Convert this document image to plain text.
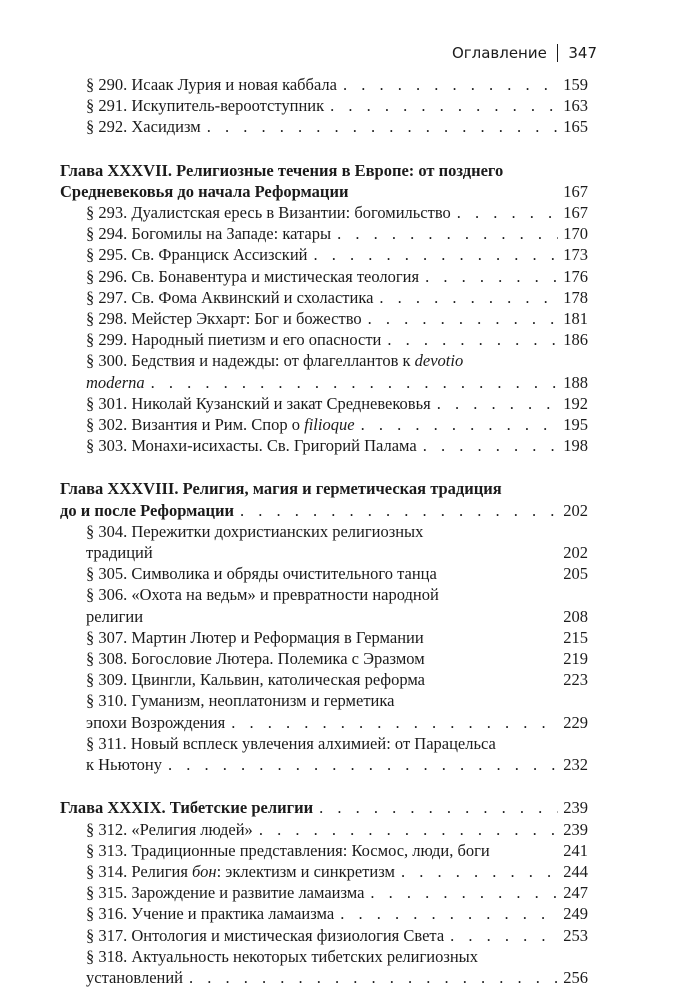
Оглавление 347
§ 290. Исаак Лурия и новая каббала . . .	159
§ 291. Искупитель-вероотступник . . .	163
§ 292. Хасидизм . . .	165
Глава XXXVII. Религиозные течения в Европе: от позднего
Средневековья до начала Реформации	167
§ 293. Дуалистская ересь в Византии: богомильство . . .	167
§ 294. Богомилы на Западе: катары . . .	170
§ 295. Св. Франциск Ассизский . . .	173
§ 296. Св. Бонавентура и мистическая теология . . .	176
§ 297. Св. Фома Аквинский и схоластика . . .	178
§ 298. Мейстер Экхарт: Бог и божество . . .	181
§ 299. Народный пиетизм и его опасности . . .	186
§ 300. Бедствия и надежды: от флагеллантов к devotio
moderna . . .	188
§ 301. Николай Кузанский и закат Средневековья . . .	192
§ 302. Византия и Рим. Спор о filioque . . .	195
§ 303. Монахи-исихасты. Св. Григорий Палама . . .	198
Глава XXXVIII. Религия, магия и герметическая традиция
до и после Реформации . . .	202
§ 304. Пережитки дохристианских религиозных
традиций	202
§ 305. Символика и обряды очистительного танца	205
§ 306. «Охота на ведьм» и превратности народной
религии	208
§ 307. Мартин Лютер и Реформация в Германии	215
§ 308. Богословие Лютера. Полемика с Эразмом	219
§ 309. Цвингли, Кальвин, католическая реформа	223
§ 310. Гуманизм, неоплатонизм и герметика
эпохи Возрождения . . .	229
§ 311. Новый всплеск увлечения алхимией: от Парацельса
к Ньютону . . .	232
Глава XXXIX. Тибетские религии . . .	239
§ 312. «Религия людей» . . .	239
§ 313. Традиционные представления: Космос, люди, боги	241
§ 314. Религия бон : эклектизм и синкретизм . . .	244
§ 315. Зарождение и развитие ламаизма . . .	247
§ 316. Учение и практика ламаизма . . .	249
§ 317. Онтология и мистическая физиология Света . . .	253
§ 318. Актуальность некоторых тибетских религиозных
установлений . . .	256
